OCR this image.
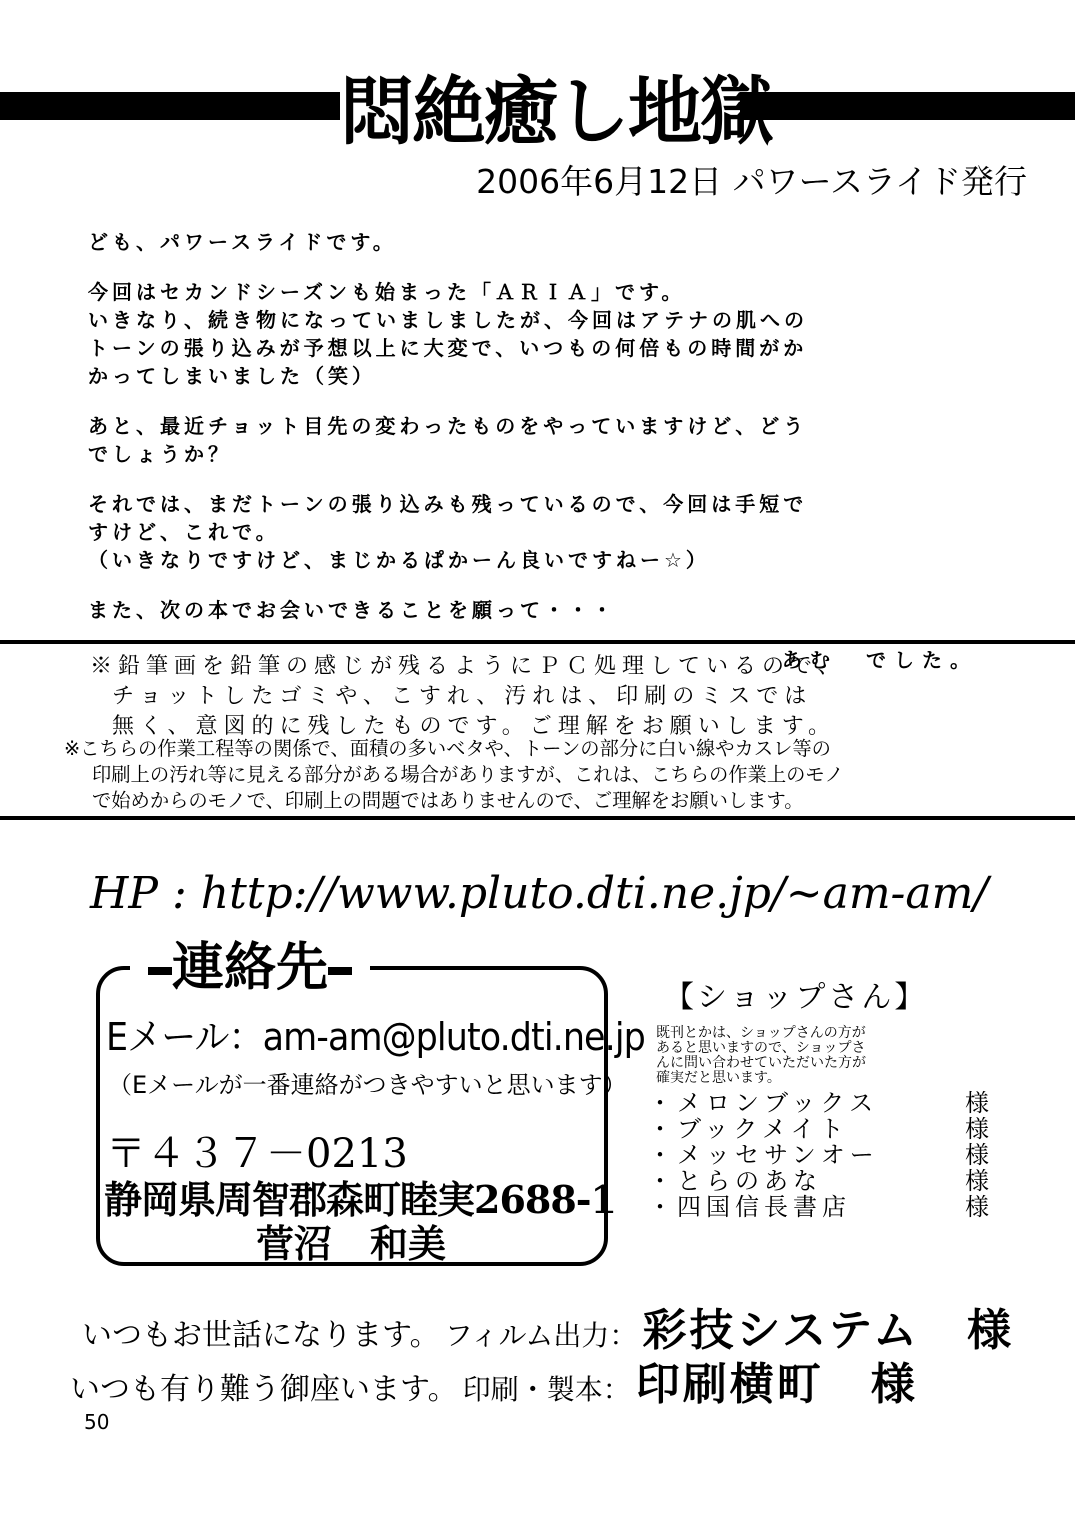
悶絶癒し地獄
2006年6月12日 パワースライド発行

ども、パワースライドです。

今回はセカンドシーズンも始まった「ＡＲＩＡ」です。
いきなり、続き物になっていましましたが、今回はアテナの肌への
トーンの張り込みが予想以上に大変で、いつもの何倍もの時間がか
かってしまいました（笑）

あと、最近チョット目先の変わったものをやっていますけど、どう
でしょうか？

それでは、まだトーンの張り込みも残っているので、今回は手短で
すけど、これで。
（いきなりですけど、まじかるぱかーん良いですねー☆）

また、次の本でお会いできることを願って・・・

あむ　でした。

※鉛筆画を鉛筆の感じが残るようにＰＣ処理しているので、
チョットしたゴミや、こすれ、汚れは、印刷のミスでは
無く、意図的に残したものです。ご理解をお願いします。
※こちらの作業工程等の関係で、面積の多いベタや、トーンの部分に白い線やカスレ等の
印刷上の汚れ等に見える部分がある場合がありますが、これは、こちらの作業上のモノ
で始めからのモノで、印刷上の問題ではありませんので、ご理解をお願いします。
HP : http://www.pluto.dti.ne.jp/~am-am/
連絡先
Eメール：am-am@pluto.dti.ne.jp
（Eメールが一番連絡がつきやすいと思います）
〒４３７－0213
静岡県周智郡森町睦実2688-1
菅沼　和美
【ショップさん】
既刊とかは、ショップさんの方が
あると思いますので、ショップさ
んに問い合わせていただいた方が
確実だと思います。
・メロンブックス	様
・ブックメイト	様
・メッセサンオー	様
・とらのあな	様
・四国信長書店	様
いつもお世話になります。 フィルム出力： 彩技システム　様
いつも有り難う御座います。 印刷・製本： 印刷横町　様
50
